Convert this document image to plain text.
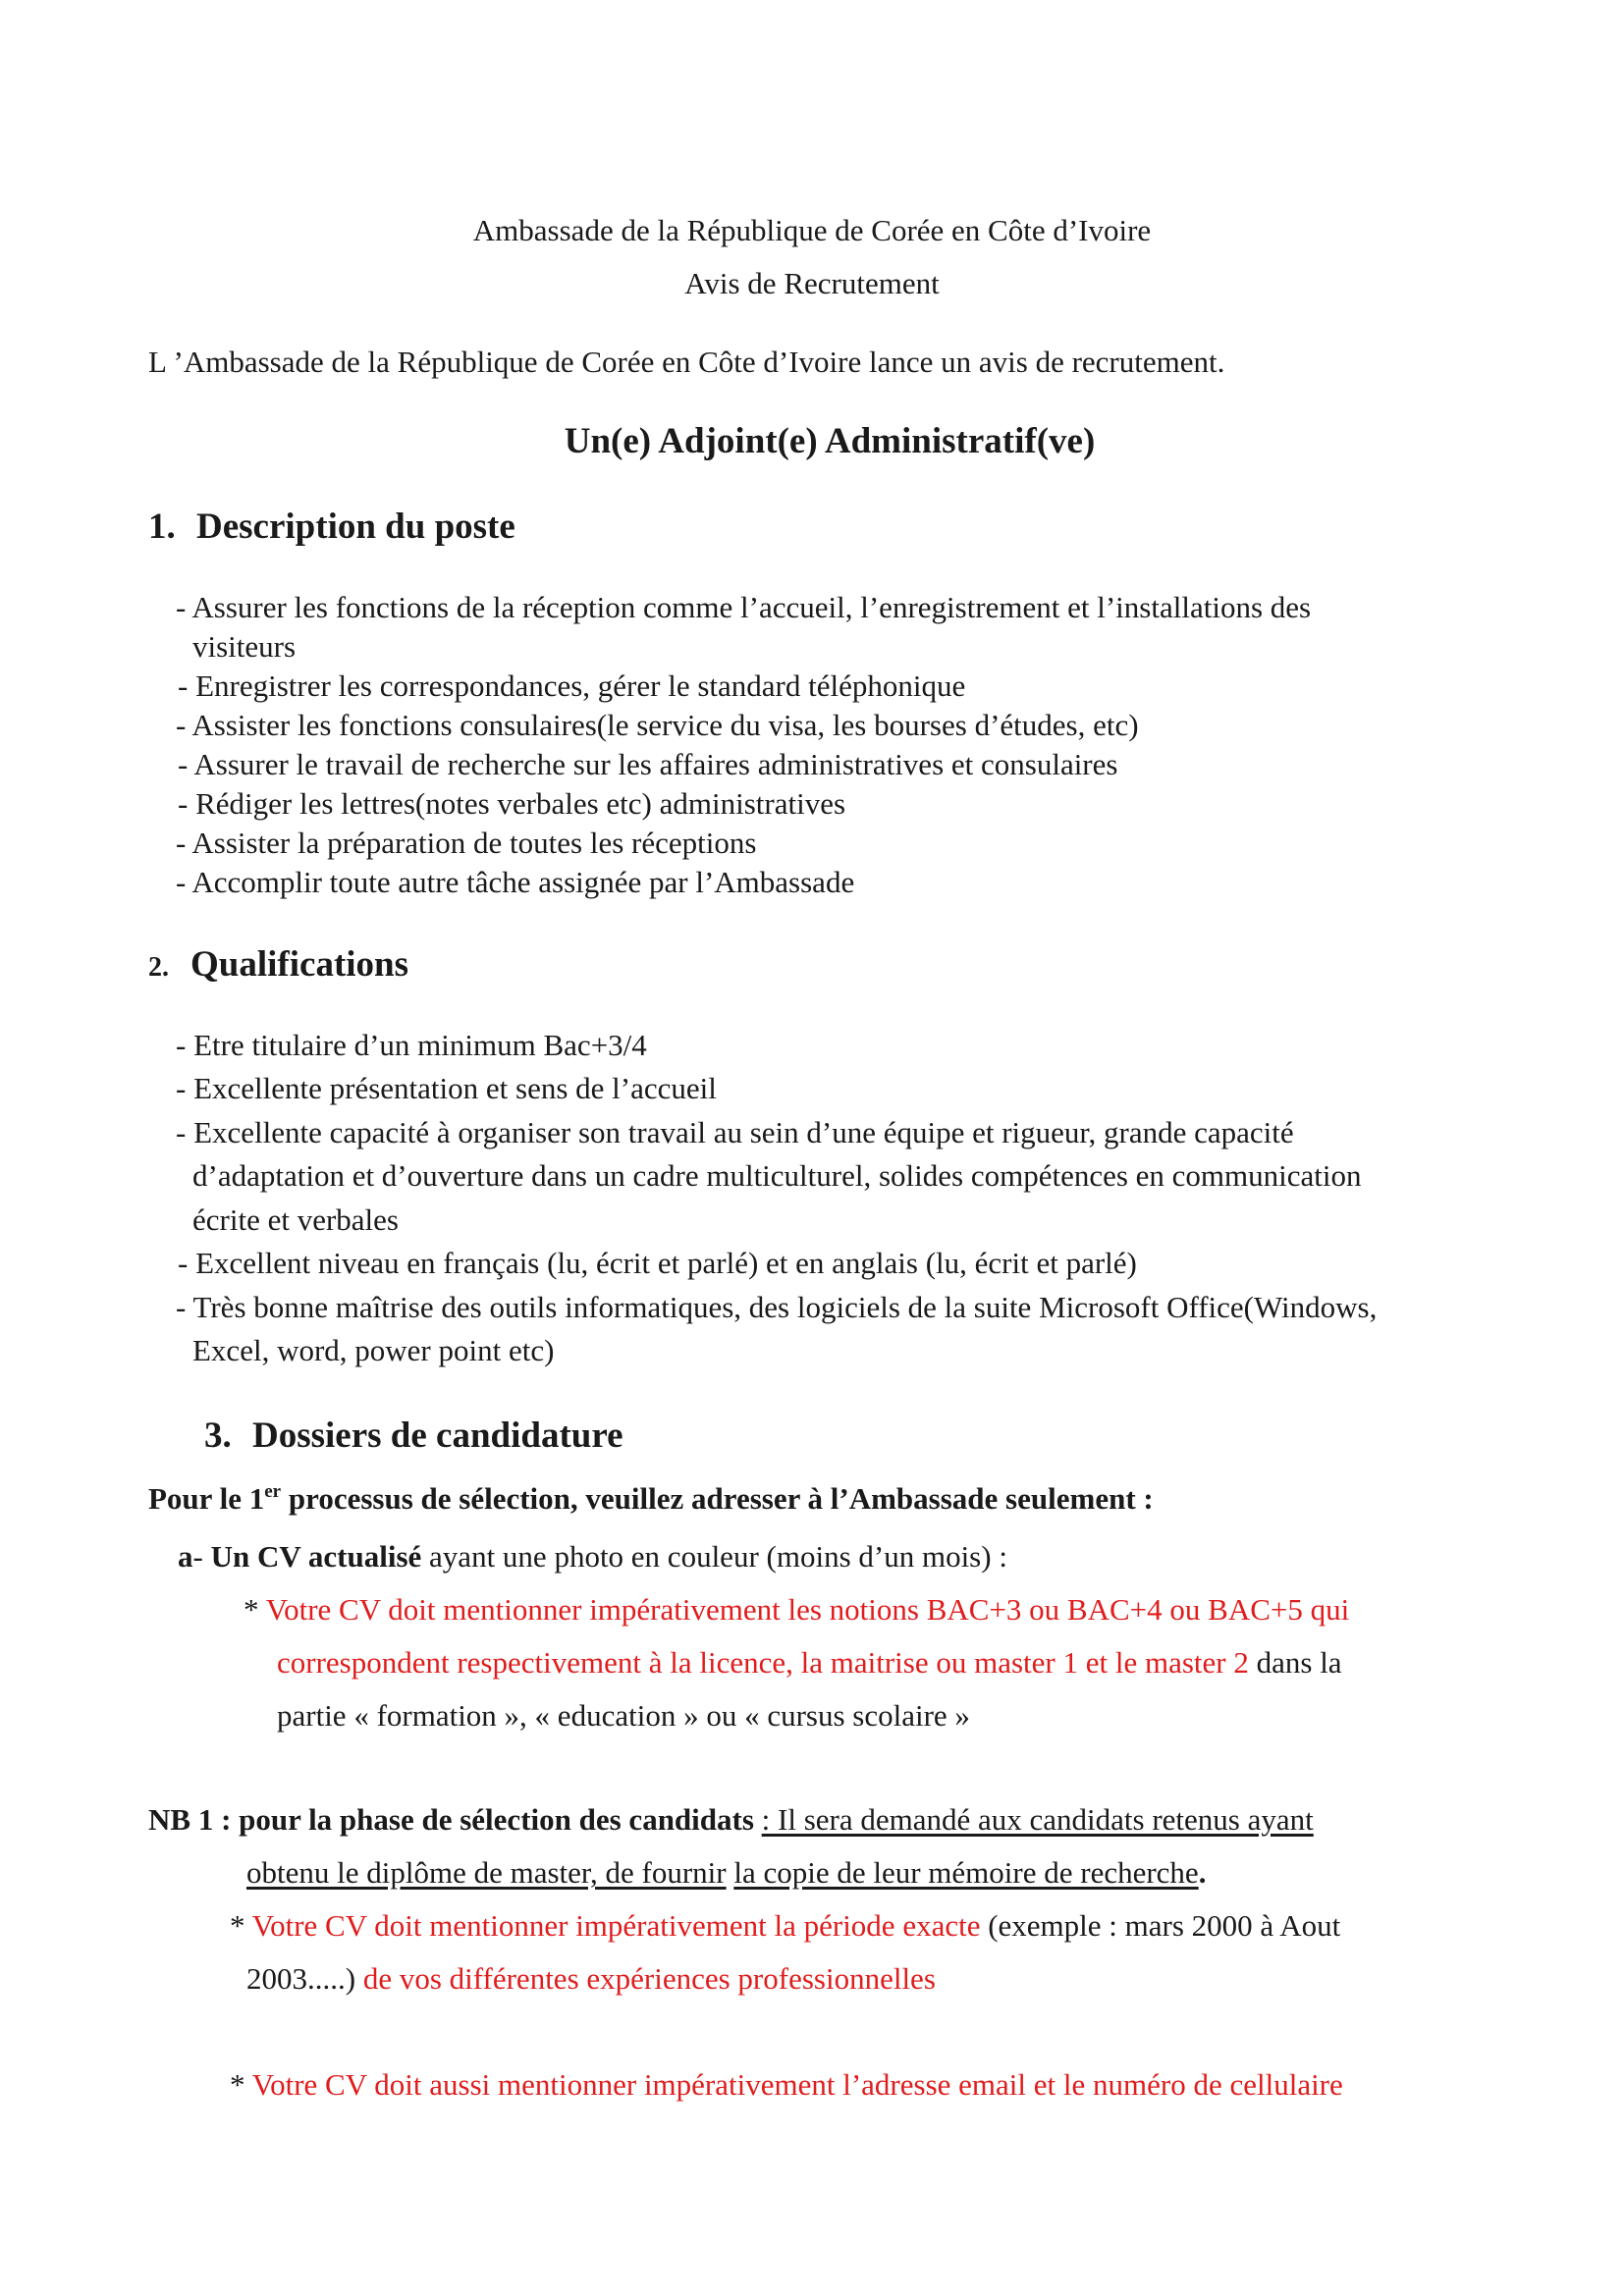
Ambassade de la République de Corée en Côte d’Ivoire
Avis de Recrutement
L ’Ambassade de la République de Corée en Côte d’Ivoire lance un avis de recrutement.
Un(e) Adjoint(e) Administratif(ve)
1. Description du poste
- Assurer les fonctions de la réception comme l’accueil, l’enregistrement et l’installations des
visiteurs
- Enregistrer les correspondances, gérer le standard téléphonique
- Assister les fonctions consulaires(le service du visa, les bourses d’études, etc)
- Assurer le travail de recherche sur les affaires administratives et consulaires
- Rédiger les lettres(notes verbales etc) administratives
- Assister la préparation de toutes les réceptions
- Accomplir toute autre tâche assignée par l’Ambassade
2. Qualifications
- Etre titulaire d’un minimum Bac+3/4
- Excellente présentation et sens de l’accueil
- Excellente capacité à organiser son travail au sein d’une équipe et rigueur, grande capacité
d’adaptation et d’ouverture dans un cadre multiculturel, solides compétences en communication
écrite et verbales
- Excellent niveau en français (lu, écrit et parlé) et en anglais (lu, écrit et parlé)
- Très bonne maîtrise des outils informatiques, des logiciels de la suite Microsoft Office(Windows,
Excel, word, power point etc)
3. Dossiers de candidature
Pour le 1er processus de sélection, veuillez adresser à l’Ambassade seulement :
a- Un CV actualisé ayant une photo en couleur (moins d’un mois) :
* Votre CV doit mentionner impérativement les notions BAC+3 ou BAC+4 ou BAC+5 qui
correspondent respectivement à la licence, la maitrise ou master 1 et le master 2 dans la
partie « formation », « education » ou « cursus scolaire »
NB 1 : pour la phase de sélection des candidats : Il sera demandé aux candidats retenus ayant
obtenu le diplôme de master, de fournir la copie de leur mémoire de recherche.
* Votre CV doit mentionner impérativement la période exacte (exemple : mars 2000 à Aout
2003.....) de vos différentes expériences professionnelles
* Votre CV doit aussi mentionner impérativement l’adresse email et le numéro de cellulaire
